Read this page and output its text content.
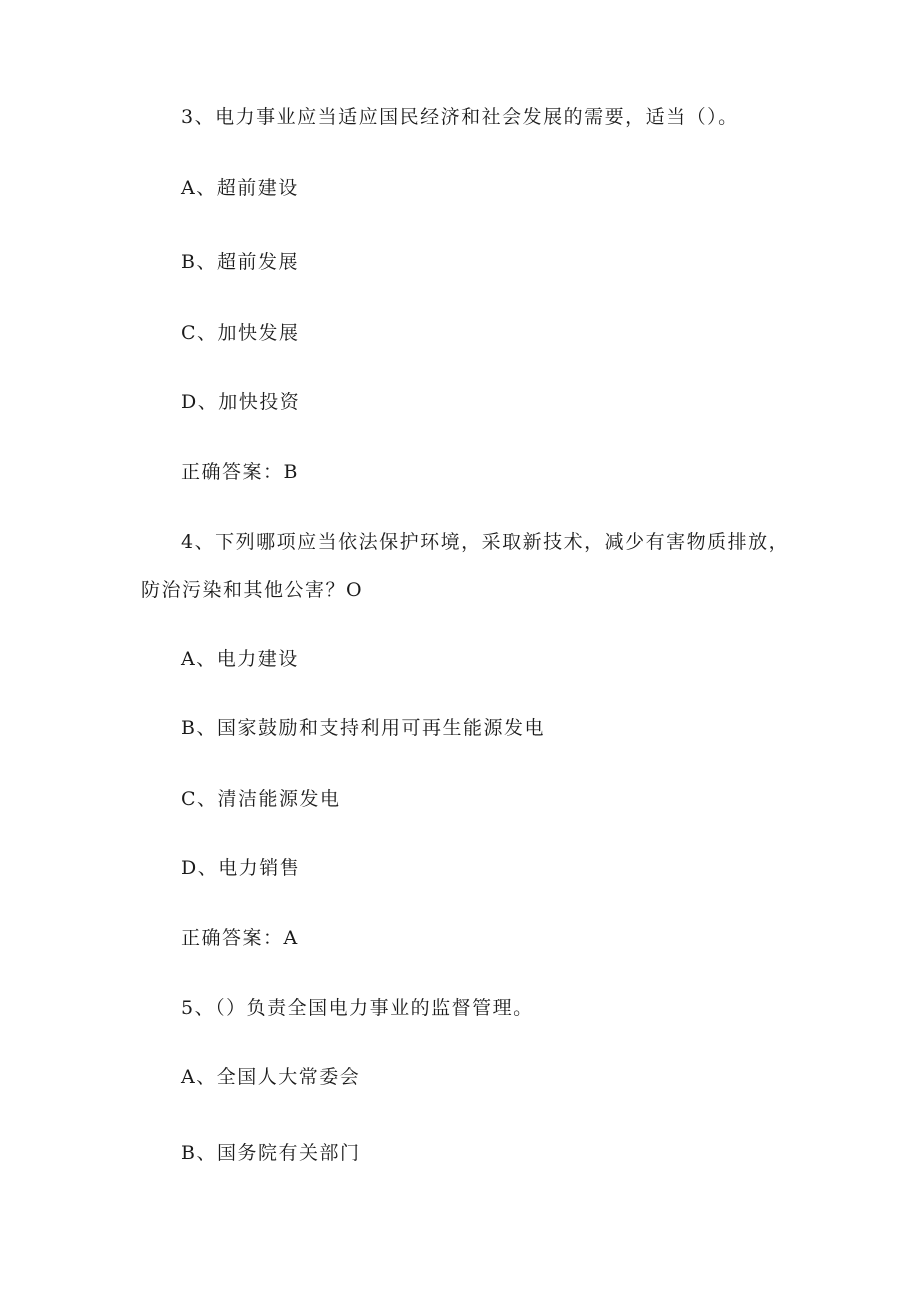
3、电力事业应当适应国民经济和社会发展的需要，适当（）。
A、超前建设
B、超前发展
C、加快发展
D、加快投资
正确答案：B
4、下列哪项应当依法保护环境，采取新技术，减少有害物质排放，
防治污染和其他公害？O
A、电力建设
B、国家鼓励和支持利用可再生能源发电
C、清洁能源发电
D、电力销售
正确答案：A
5、（）负责全国电力事业的监督管理。
A、全国人大常委会
B、国务院有关部门
